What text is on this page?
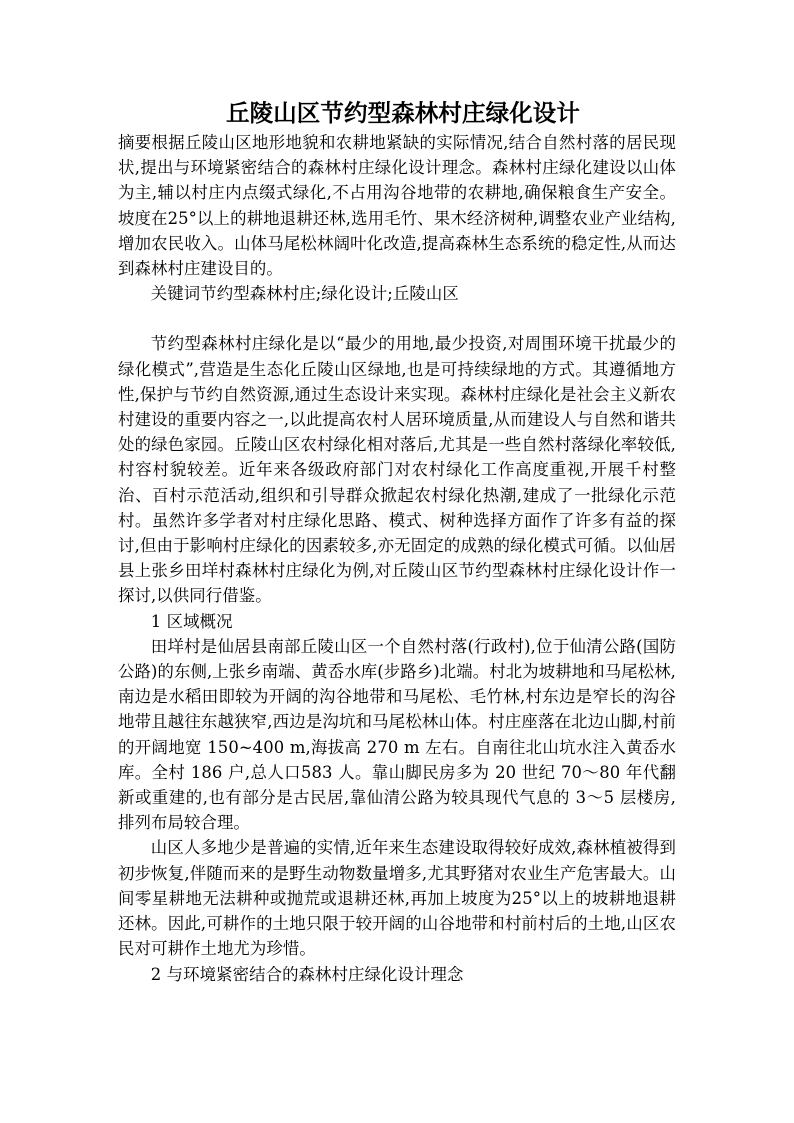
丘陵山区节约型森林村庄绿化设计

摘要根据丘陵山区地形地貌和农耕地紧缺的实际情况,结合自然村落的居民现状,提出与环境紧密结合的森林村庄绿化设计理念。森林村庄绿化建设以山体为主,辅以村庄内点缀式绿化,不占用沟谷地带的农耕地,确保粮食生产安全。坡度在25°以上的耕地退耕还林,选用毛竹、果木经济树种,调整农业产业结构,增加农民收入。山体马尾松林阔叶化改造,提高森林生态系统的稳定性,从而达到森林村庄建设目的。

关键词节约型森林村庄;绿化设计;丘陵山区

节约型森林村庄绿化是以“最少的用地,最少投资,对周围环境干扰最少的绿化模式”,营造是生态化丘陵山区绿地,也是可持续绿地的方式。其遵循地方性,保护与节约自然资源,通过生态设计来实现。森林村庄绿化是社会主义新农村建设的重要内容之一,以此提高农村人居环境质量,从而建设人与自然和谐共处的绿色家园。丘陵山区农村绿化相对落后,尤其是一些自然村落绿化率较低,村容村貌较差。近年来各级政府部门对农村绿化工作高度重视,开展千村整治、百村示范活动,组织和引导群众掀起农村绿化热潮,建成了一批绿化示范村。虽然许多学者对村庄绿化思路、模式、树种选择方面作了许多有益的探讨,但由于影响村庄绿化的因素较多,亦无固定的成熟的绿化模式可循。以仙居县上张乡田垟村森林村庄绿化为例,对丘陵山区节约型森林村庄绿化设计作一探讨,以供同行借鉴。

1 区域概况

田垟村是仙居县南部丘陵山区一个自然村落(行政村),位于仙清公路(国防公路)的东侧,上张乡南端、黄岙水库(步路乡)北端。村北为坡耕地和马尾松林,南边是水稻田即较为开阔的沟谷地带和马尾松、毛竹林,村东边是窄长的沟谷地带且越往东越狭窄,西边是沟坑和马尾松林山体。村庄座落在北边山脚,村前的开阔地宽 150~400 m,海拔高 270 m 左右。自南往北山坑水注入黄岙水库。全村 186 户,总人口583 人。靠山脚民房多为 20 世纪 70～80 年代翻新或重建的,也有部分是古民居,靠仙清公路为较具现代气息的 3～5 层楼房,排列布局较合理。

山区人多地少是普遍的实情,近年来生态建设取得较好成效,森林植被得到初步恢复,伴随而来的是野生动物数量增多,尤其野猪对农业生产危害最大。山间零星耕地无法耕种或抛荒或退耕还林,再加上坡度为25°以上的坡耕地退耕还林。因此,可耕作的土地只限于较开阔的山谷地带和村前村后的土地,山区农民对可耕作土地尤为珍惜。

2 与环境紧密结合的森林村庄绿化设计理念
